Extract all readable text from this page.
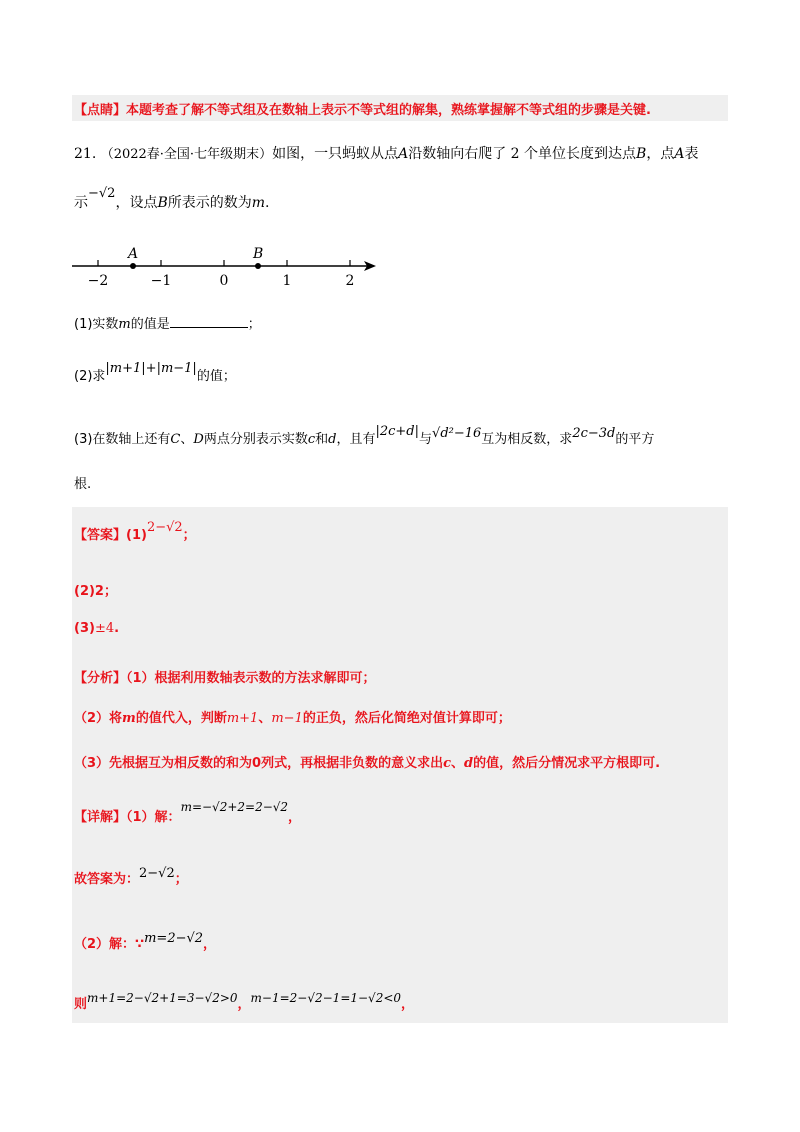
【点睛】本题考查了解不等式组及在数轴上表示不等式组的解集，熟练掌握解不等式组的步骤是关键.
21. （2022春·全国·七年级期末）如图，一只蚂蚁从点A沿数轴向右爬了 2 个单位长度到达点B，点A表
示−√2，设点B所表示的数为m.
−2	−1	0	1	2
A	B
(1)实数m的值是	；
(2)求|m+1|+|m−1|的值；
(3)在数轴上还有C、D两点分别表示实数c和d，且有|2c+d|与√d²−16互为相反数，求2c−3d的平方
根.
【答案】(1)2−√2；
(2)2；
(3)±4.
【分析】（1）根据利用数轴表示数的方法求解即可；
（2）将m的值代入，判断m+1、m−1的正负，然后化简绝对值计算即可；
（3）先根据互为相反数的和为0列式，再根据非负数的意义求出c、d的值，然后分情况求平方根即可.
【详解】（1）解：m=−√2+2=2−√2，
故答案为：2−√2；
（2）解：∵m=2−√2，
则m+1=2−√2+1=3−√2>0，m−1=2−√2−1=1−√2<0，
